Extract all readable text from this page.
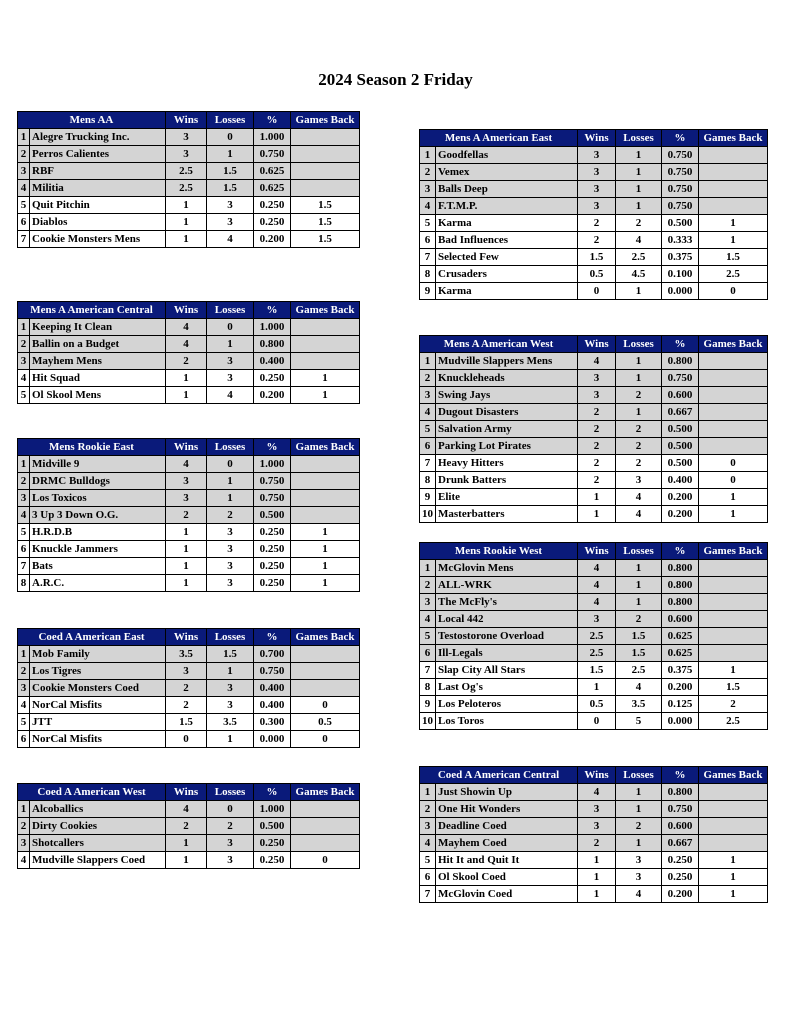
2024 Season 2 Friday
Mens AA		Wins	Losses	%	Games Back
1	Alegre Trucking Inc.	3	0	1.000	
2	Perros Calientes	3	1	0.750	
3	RBF	2.5	1.5	0.625	
4	Militia	2.5	1.5	0.625	
5	Quit Pitchin	1	3	0.250	1.5
6	Diablos	1	3	0.250	1.5
7	Cookie Monsters Mens	1	4	0.200	1.5
Mens A American Central		Wins	Losses	%	Games Back
1	Keeping It Clean	4	0	1.000	
2	Ballin on a Budget	4	1	0.800	
3	Mayhem Mens	2	3	0.400	
4	Hit Squad	1	3	0.250	1
5	Ol Skool Mens	1	4	0.200	1
Mens Rookie East		Wins	Losses	%	Games Back
1	Midville 9	4	0	1.000	
2	DRMC Bulldogs	3	1	0.750	
3	Los Toxicos	3	1	0.750	
4	3 Up 3 Down O.G.	2	2	0.500	
5	H.R.D.B	1	3	0.250	1
6	Knuckle Jammers	1	3	0.250	1
7	Bats	1	3	0.250	1
8	A.R.C.	1	3	0.250	1
Coed A American East		Wins	Losses	%	Games Back
1	Mob Family	3.5	1.5	0.700	
2	Los Tigres	3	1	0.750	
3	Cookie Monsters Coed	2	3	0.400	
4	NorCal Misfits	2	3	0.400	0
5	JTT	1.5	3.5	0.300	0.5
6	NorCal Misfits	0	1	0.000	0
Coed A American West		Wins	Losses	%	Games Back
1	Alcoballics	4	0	1.000	
2	Dirty Cookies	2	2	0.500	
3	Shotcallers	1	3	0.250	
4	Mudville Slappers Coed	1	3	0.250	0
Mens A American East		Wins	Losses	%	Games Back
1	Goodfellas	3	1	0.750	
2	Vemex	3	1	0.750	
3	Balls Deep	3	1	0.750	
4	F.T.M.P.	3	1	0.750	
5	Karma	2	2	0.500	1
6	Bad Influences	2	4	0.333	1
7	Selected Few	1.5	2.5	0.375	1.5
8	Crusaders	0.5	4.5	0.100	2.5
9	Karma	0	1	0.000	0
Mens A American West		Wins	Losses	%	Games Back
1	Mudville Slappers Mens	4	1	0.800	
2	Knuckleheads	3	1	0.750	
3	Swing Jays	3	2	0.600	
4	Dugout Disasters	2	1	0.667	
5	Salvation Army	2	2	0.500	
6	Parking Lot Pirates	2	2	0.500	
7	Heavy Hitters	2	2	0.500	0
8	Drunk Batters	2	3	0.400	0
9	Elite	1	4	0.200	1
10	Masterbatters	1	4	0.200	1
Mens Rookie West		Wins	Losses	%	Games Back
1	McGlovin Mens	4	1	0.800	
2	ALL-WRK	4	1	0.800	
3	The McFly's	4	1	0.800	
4	Local 442	3	2	0.600	
5	Testostorone Overload	2.5	1.5	0.625	
6	Ill-Legals	2.5	1.5	0.625	
7	Slap City All Stars	1.5	2.5	0.375	1
8	Last Og's	1	4	0.200	1.5
9	Los Peloteros	0.5	3.5	0.125	2
10	Los Toros	0	5	0.000	2.5
Coed A American Central		Wins	Losses	%	Games Back
1	Just Showin Up	4	1	0.800	
2	One Hit Wonders	3	1	0.750	
3	Deadline Coed	3	2	0.600	
4	Mayhem Coed	2	1	0.667	
5	Hit It and Quit It	1	3	0.250	1
6	Ol Skool Coed	1	3	0.250	1
7	McGlovin Coed	1	4	0.200	1
